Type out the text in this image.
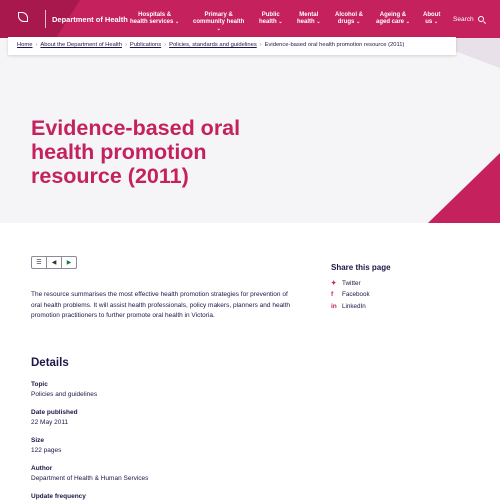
Department of Health	Hospitals &
health services ⌄
Primary &
community health
⌄
Public
health ⌄
Mental
health ⌄
Alcohol &
drugs ⌄
Ageing &
aged care ⌄
About
us ⌄	Search
Home › About the Department of Health › Publications › Policies, standards and guidelines › Evidence-based oral health promotion resource (2011)
Evidence-based oral health promotion resource (2011)
☰	◀	▶

The resource summarises the most effective health promotion strategies for prevention of oral health problems. It will assist health professionals, policy makers, planners and health promotion practitioners to further promote oral health in Victoria.

Details
Topic
Policies and guidelines
Date published
22 May 2011
Size
122 pages
Author
Department of Health & Human Services
Update frequency
Share this page
✦ Twitter
f Facebook
in LinkedIn
